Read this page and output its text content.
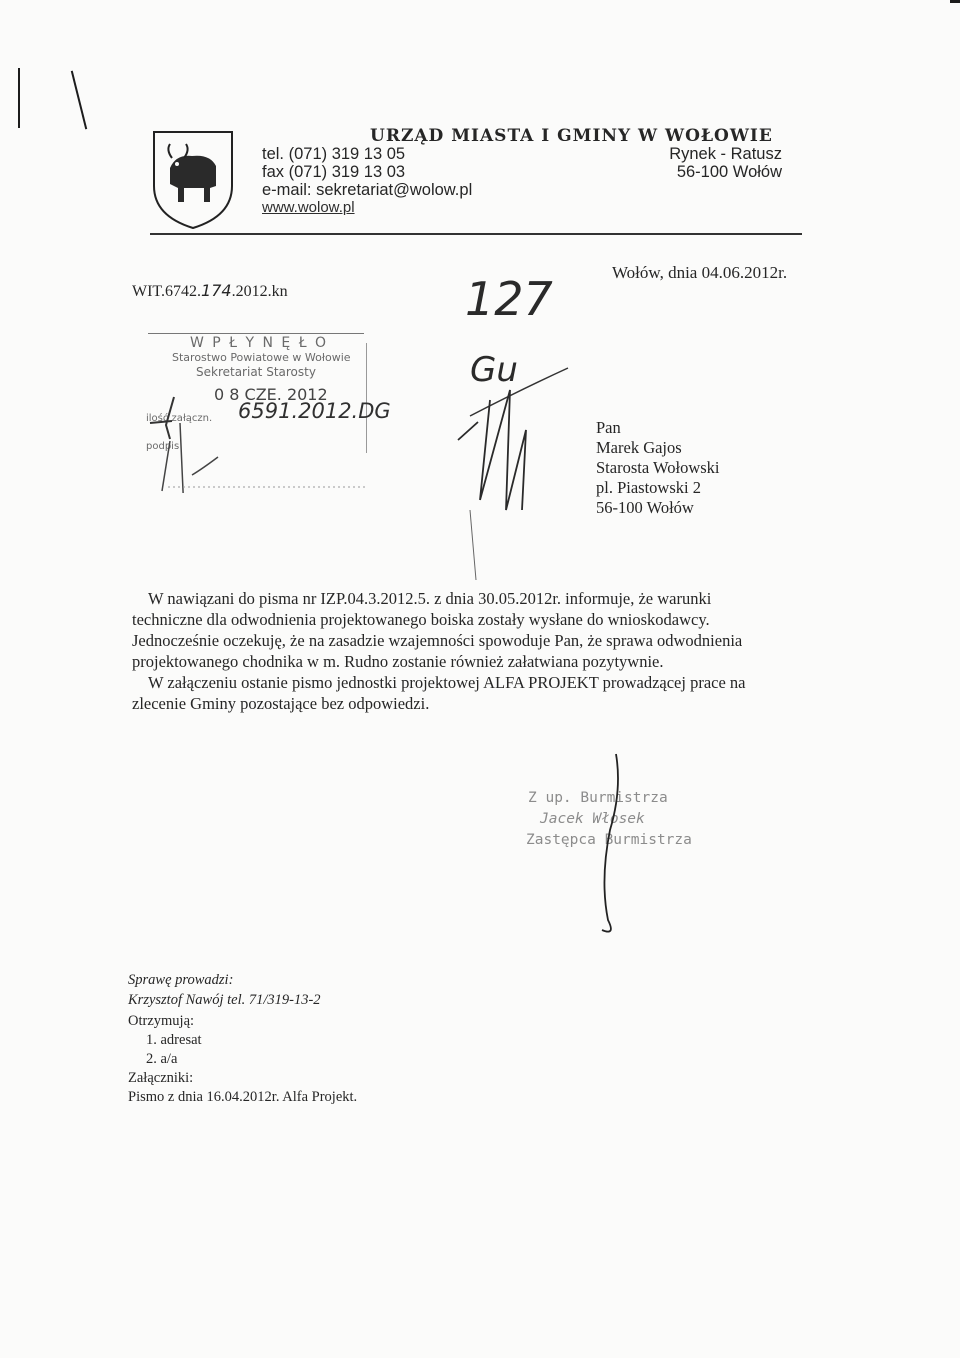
URZĄD MIASTA I GMINY W WOŁOWIE
tel. (071) 319 13 05
fax (071) 319 13 03
e-mail: sekretariat@wolow.pl
www.wolow.pl
Rynek - Ratusz
56-100 Wołów
WIT.6742.174.2012.kn
Wołów, dnia 04.06.2012r.
W P Ł Y N Ę Ł O
Starostwo Powiatowe w Wołowie
Sekretariat Starosty
0 8 CZE. 2012
ilość załączn.
podpis
6591.2012.DG
127
Gu
Pan
Marek Gajos
Starosta Wołowski
pl. Piastowski 2
56-100 Wołów
W nawiązani do pisma nr IZP.04.3.2012.5. z dnia 30.05.2012r. informuje, że warunki
techniczne dla odwodnienia projektowanego boiska zostały wysłane do wnioskodawcy.
Jednocześnie oczekuję, że na zasadzie wzajemności spowoduje Pan, że sprawa odwodnienia
projektowanego chodnika w m. Rudno zostanie również załatwiana pozytywnie.
W załączeniu ostanie pismo jednostki projektowej ALFA PROJEKT prowadzącej prace na
zlecenie Gminy pozostające bez odpowiedzi.
Z up. Burmistrza
Jacek Włosek
Zastępca Burmistrza
Sprawę prowadzi:
Krzysztof Nawój tel. 71/319-13-2
Otrzymują:
1. adresat
2. a/a
Załączniki:
Pismo z dnia 16.04.2012r. Alfa Projekt.
